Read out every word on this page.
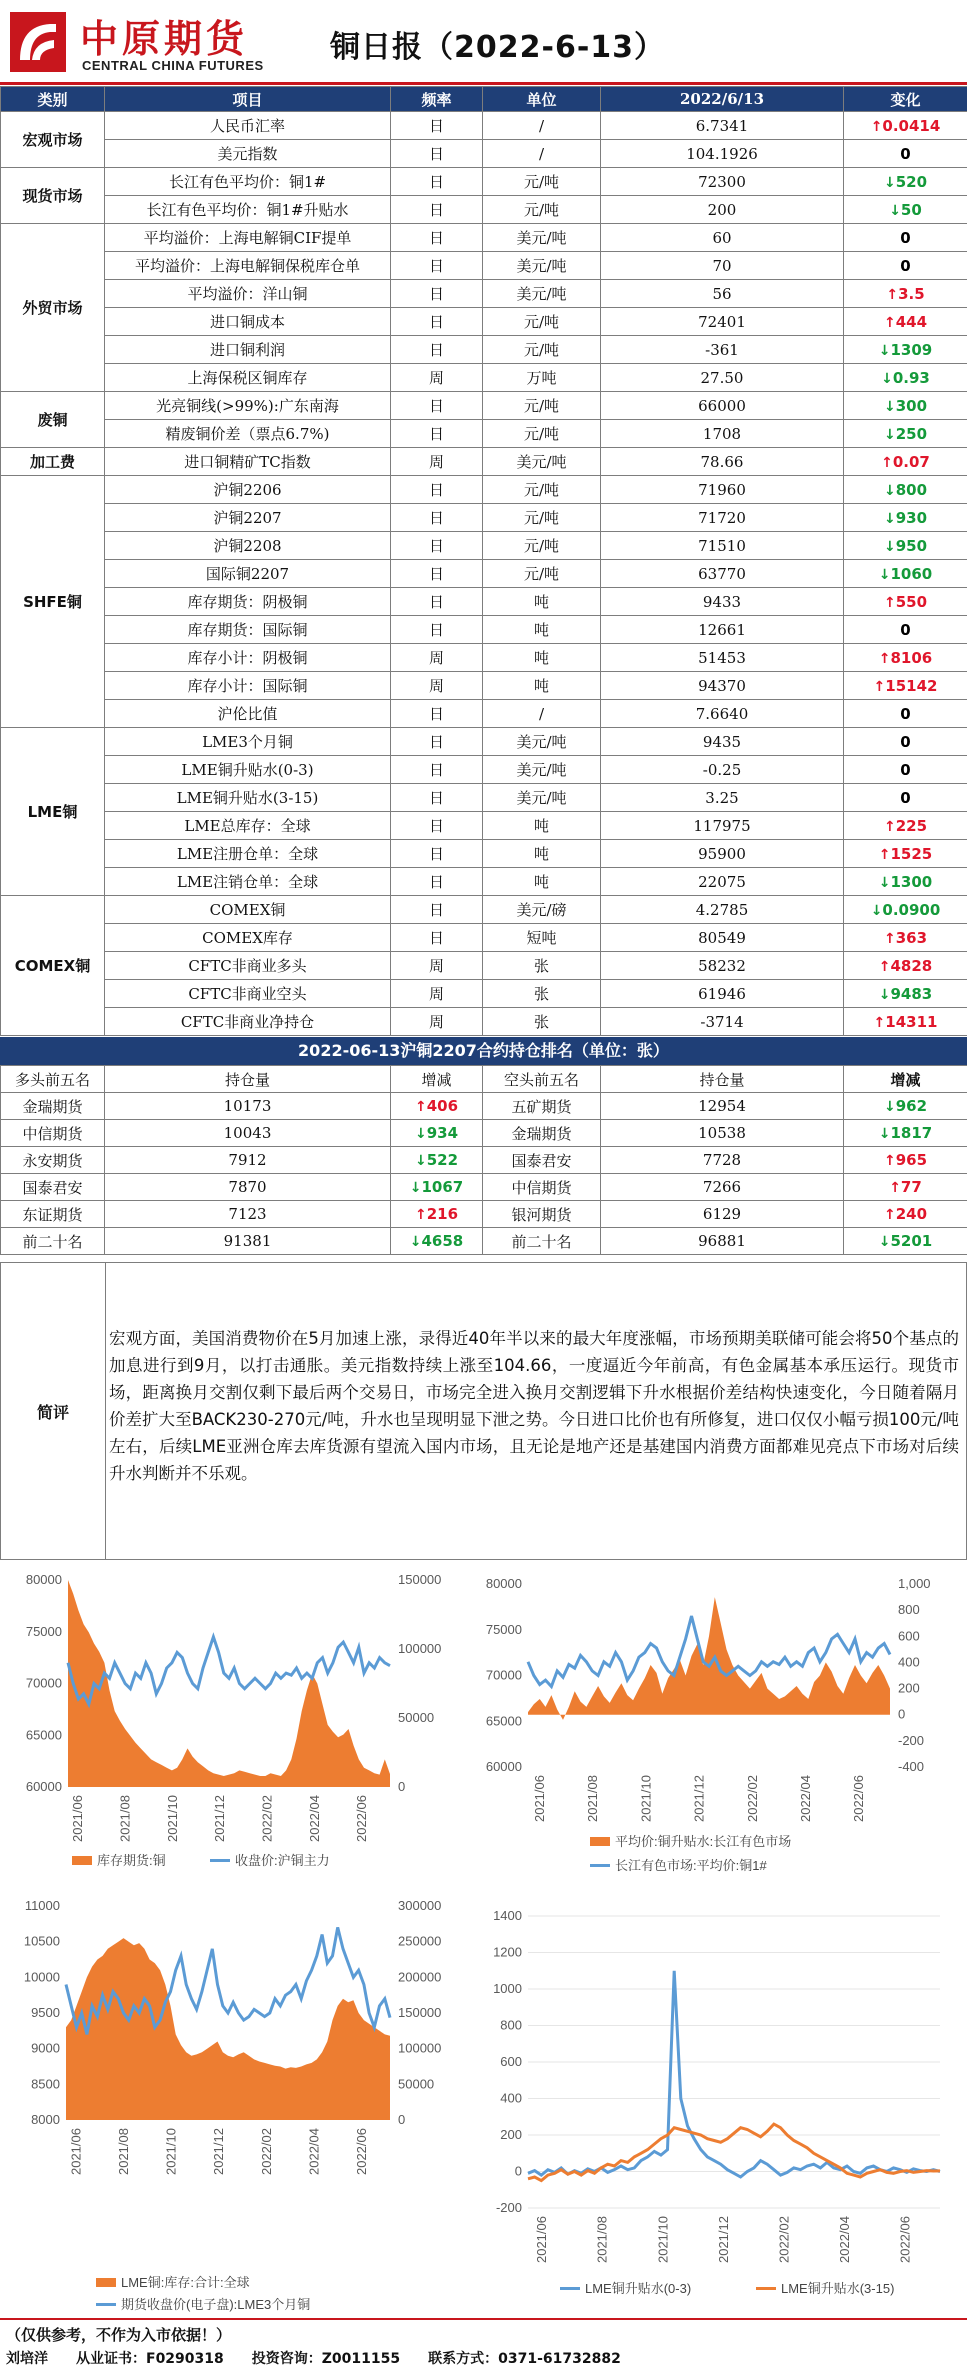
中原期货
CENTRAL CHINA FUTURES
铜日报（2022-6-13）
类别	项目	频率	单位	2022/6/13	变化
宏观市场	人民币汇率	日	/	6.7341	↑0.0414
	美元指数	日	/	104.1926	0
现货市场	长江有色平均价：铜1#	日	元/吨	72300	↓520
	长江有色平均价：铜1#升贴水	日	元/吨	200	↓50
外贸市场	平均溢价：上海电解铜CIF提单	日	美元/吨	60	0
	平均溢价：上海电解铜保税库仓单	日	美元/吨	70	0
	平均溢价：洋山铜	日	美元/吨	56	↑3.5
	进口铜成本	日	元/吨	72401	↑444
	进口铜利润	日	元/吨	-361	↓1309
	上海保税区铜库存	周	万吨	27.50	↓0.93
废铜	光亮铜线(>99%):广东南海	日	元/吨	66000	↓300
	精废铜价差（票点6.7%)	日	元/吨	1708	↓250
加工费	进口铜精矿TC指数	周	美元/吨	78.66	↑0.07
SHFE铜	沪铜2206	日	元/吨	71960	↓800
	沪铜2207	日	元/吨	71720	↓930
	沪铜2208	日	元/吨	71510	↓950
	国际铜2207	日	元/吨	63770	↓1060
	库存期货：阴极铜	日	吨	9433	↑550
	库存期货：国际铜	日	吨	12661	0
	库存小计：阴极铜	周	吨	51453	↑8106
	库存小计：国际铜	周	吨	94370	↑15142
	沪伦比值	日	/	7.6640	0
LME铜	LME3个月铜	日	美元/吨	9435	0
	LME铜升贴水(0-3)	日	美元/吨	-0.25	0
	LME铜升贴水(3-15)	日	美元/吨	3.25	0
	LME总库存：全球	日	吨	117975	↑225
	LME注册仓单：全球	日	吨	95900	↑1525
	LME注销仓单：全球	日	吨	22075	↓1300
COMEX铜	COMEX铜	日	美元/磅	4.2785	↓0.0900
	COMEX库存	日	短吨	80549	↑363
	CFTC非商业多头	周	张	58232	↑4828
	CFTC非商业空头	周	张	61946	↓9483
	CFTC非商业净持仓	周	张	-3714	↑14311
2022-06-13沪铜2207合约持仓排名（单位：张）
多头前五名	持仓量	增减	空头前五名	持仓量	增减
金瑞期货	10173	↑406	五矿期货	12954	↓962
中信期货	10043	↓934	金瑞期货	10538	↓1817
永安期货	7912	↓522	国泰君安	7728	↑965
国泰君安	7870	↓1067	中信期货	7266	↑77
东证期货	7123	↑216	银河期货	6129	↑240
前二十名	91381	↓4658	前二十名	96881	↓5201
简评
宏观方面，美国消费物价在5月加速上涨，录得近40年半以来的最大年度涨幅，市场预期美联储可能会将50个基点的加息进行到9月，以打击通胀。美元指数持续上涨至104.66，一度逼近今年前高，有色金属基本承压运行。现货市场，距离换月交割仅剩下最后两个交易日，市场完全进入换月交割逻辑下升水根据价差结构快速变化，今日随着隔月价差扩大至BACK230-270元/吨，升水也呈现明显下泄之势。今日进口比价也有所修复，进口仅仅小幅亏损100元/吨左右，后续LME亚洲仓库去库货源有望流入国内市场，且无论是地产还是基建国内消费方面都难见亮点下市场对后续升水判断并不乐观。
60000
65000
70000
75000
80000
0
50000
100000
150000
2021/06 2021/08 2021/10 2021/12 2022/02 2022/04 2022/06
库存期货:铜	收盘价:沪铜主力
60000
65000
70000
75000
80000
-400
-200
0
200
400
600
800
1,000
2021/06	2021/08	2021/10	2021/12	2022/02	2022/04	2022/06
平均价:铜升贴水:长江有色市场
长江有色市场:平均价:铜1#
8000
8500
9000
9500
10000
10500
11000
0
50000
100000
150000
200000
250000
300000
2021/06	2021/08	2021/10	2021/12	2022/02	2022/04	2022/06
LME铜:库存:合计:全球
期货收盘价(电子盘):LME3个月铜
-200
0
200
400
600
800
1000
1200
1400
2021/06	2021/08	2021/10	2021/12	2022/02	2022/04	2022/06
LME铜升贴水(0-3)	LME铜升贴水(3-15)
（仅供参考，不作为入市依据！）
刘培洋 从业证书：F0290318 投资咨询：Z0011155 联系方式：0371-61732882
